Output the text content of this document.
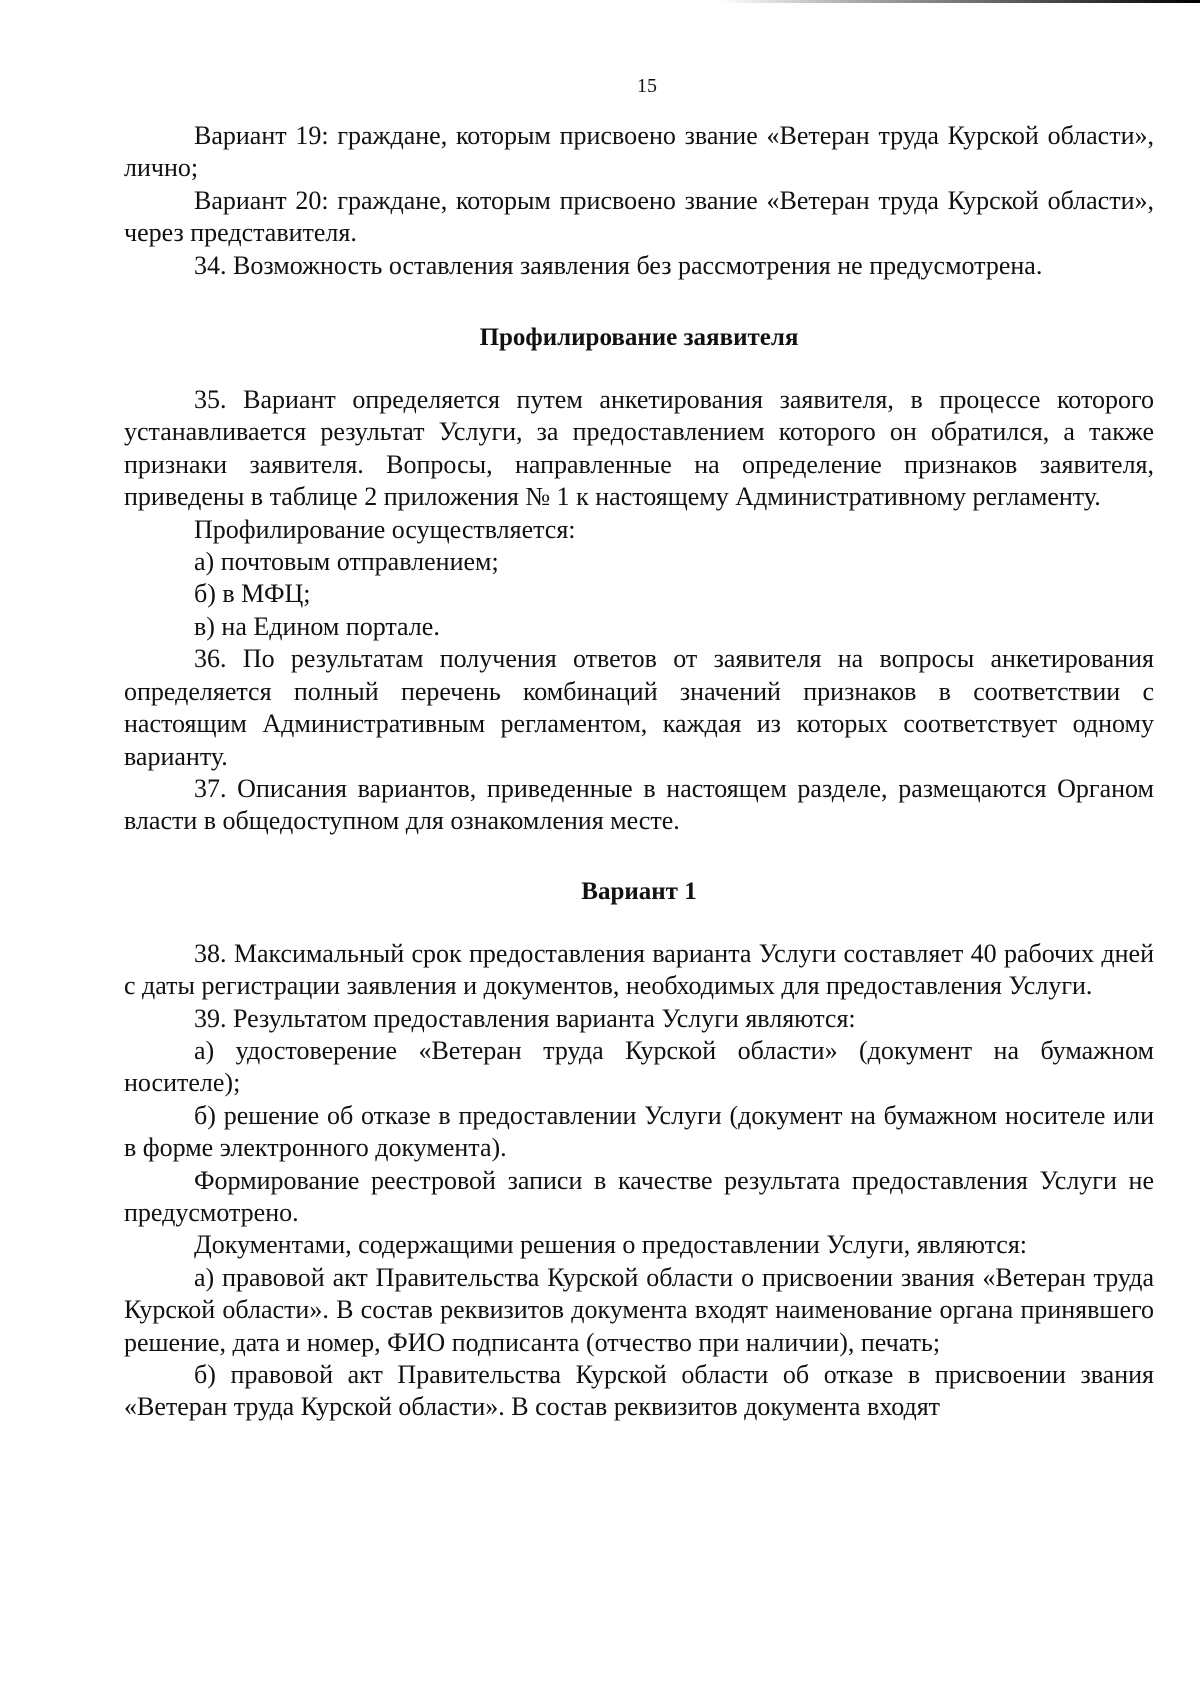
15

Вариант 19: граждане, которым присвоено звание «Ветеран труда Курской области», лично;

Вариант 20: граждане, которым присвоено звание «Ветеран труда Курской области», через представителя.

34. Возможность оставления заявления без рассмотрения не предусмотрена.

Профилирование заявителя

35. Вариант определяется путем анкетирования заявителя, в процессе которого устанавливается результат Услуги, за предоставлением которого он обратился, а также признаки заявителя. Вопросы, направленные на определение признаков заявителя, приведены в таблице 2 приложения № 1 к настоящему Административному регламенту.

Профилирование осуществляется:

а) почтовым отправлением;

б) в МФЦ;

в) на Едином портале.

36. По результатам получения ответов от заявителя на вопросы анкетирования определяется полный перечень комбинаций значений признаков в соответствии с настоящим Административным регламентом, каждая из которых соответствует одному варианту.

37. Описания вариантов, приведенные в настоящем разделе, размещаются Органом власти в общедоступном для ознакомления месте.

Вариант 1

38. Максимальный срок предоставления варианта Услуги составляет 40 рабочих дней с даты регистрации заявления и документов, необходимых для предоставления Услуги.

39. Результатом предоставления варианта Услуги являются:

а) удостоверение «Ветеран труда Курской области» (документ на бумажном носителе);

б) решение об отказе в предоставлении Услуги (документ на бумажном носителе или в форме электронного документа).

Формирование реестровой записи в качестве результата предоставления Услуги не предусмотрено.

Документами, содержащими решения о предоставлении Услуги, являются:

а) правовой акт Правительства Курской области о присвоении звания «Ветеран труда Курской области». В состав реквизитов документа входят наименование органа принявшего решение, дата и номер, ФИО подписанта (отчество при наличии), печать;

б) правовой акт Правительства Курской области об отказе в присвоении звания «Ветеран труда Курской области». В состав реквизитов документа входят
